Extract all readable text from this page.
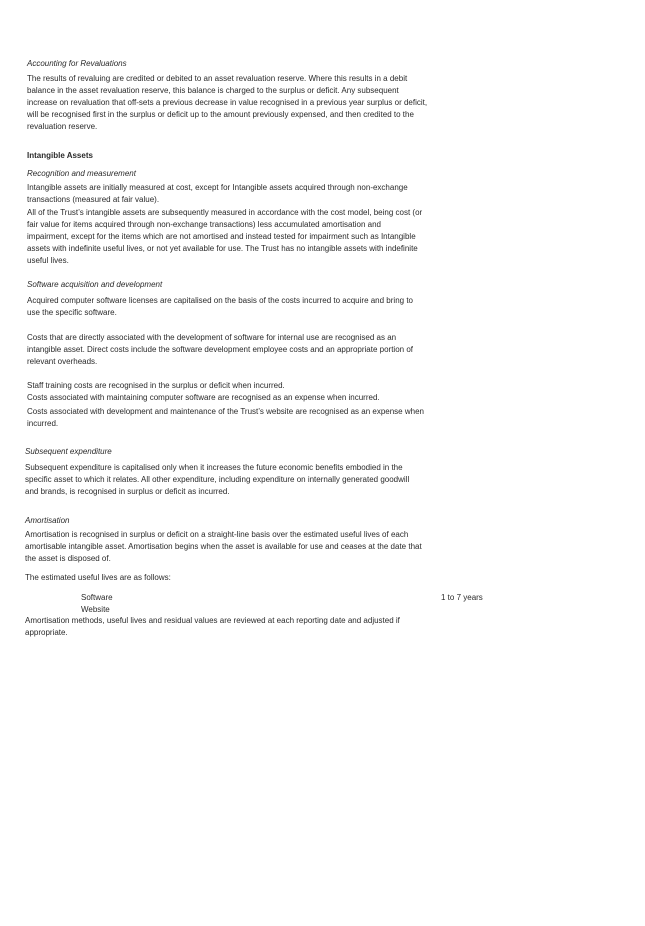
Accounting for Revaluations
The results of revaluing are credited or debited to an asset revaluation reserve. Where this results in a debit
balance in the asset revaluation reserve, this balance is charged to the surplus or deficit. Any subsequent
increase on revaluation that off-sets a previous decrease in value recognised in a previous year surplus or deficit,
will be recognised first in the surplus or deficit up to the amount previously expensed, and then credited to the
revaluation reserve.
Intangible Assets
Recognition and measurement
Intangible assets are initially measured at cost, except for Intangible assets acquired through non-exchange
transactions (measured at fair value).
All of the Trust’s intangible assets are subsequently measured in accordance with the cost model, being cost (or
fair value for items acquired through non-exchange transactions) less accumulated amortisation and
impairment, except for the items which are not amortised and instead tested for impairment such as Intangible
assets with indefinite useful lives, or not yet available for use. The Trust has no intangible assets with indefinite
useful lives.
Software acquisition and development
Acquired computer software licenses are capitalised on the basis of the costs incurred to acquire and bring to
use the specific software.
Costs that are directly associated with the development of software for internal use are recognised as an
intangible asset. Direct costs include the software development employee costs and an appropriate portion of
relevant overheads.
Staff training costs are recognised in the surplus or deficit when incurred.
Costs associated with maintaining computer software are recognised as an expense when incurred.
Costs associated with development and maintenance of the Trust’s website are recognised as an expense when
incurred.
Subsequent expenditure
Subsequent expenditure is capitalised only when it increases the future economic benefits embodied in the
specific asset to which it relates. All other expenditure, including expenditure on internally generated goodwill
and brands, is recognised in surplus or deficit as incurred.
Amortisation
Amortisation is recognised in surplus or deficit on a straight-line basis over the estimated useful lives of each
amortisable intangible asset. Amortisation begins when the asset is available for use and ceases at the date that
the asset is disposed of.
The estimated useful lives are as follows:
Software	1 to 7 years
Website
Amortisation methods, useful lives and residual values are reviewed at each reporting date and adjusted if
appropriate.
